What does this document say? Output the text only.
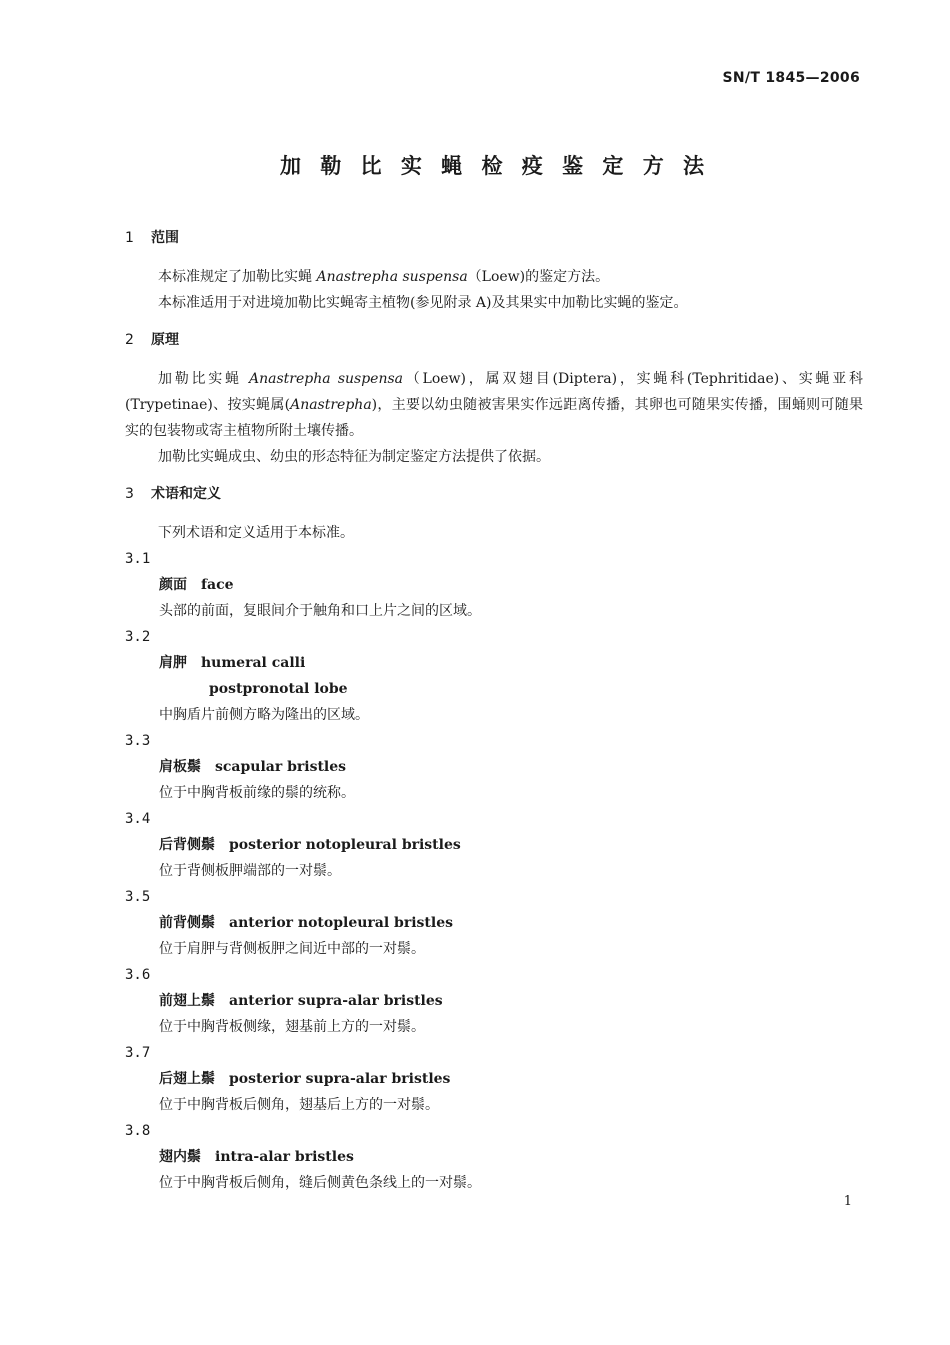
SN/T 1845—2006
加 勒 比 实 蝇 检 疫 鉴 定 方 法
1 范围

本标准规定了加勒比实蝇 Anastrepha suspensa（Loew)的鉴定方法。

本标准适用于对进境加勒比实蝇寄主植物(参见附录 A)及其果实中加勒比实蝇的鉴定。

2 原理

加勒比实蝇 Anastrepha suspensa（Loew)，属双翅目(Diptera)，实蝇科(Tephritidae)、实蝇亚科(Trypetinae)、按实蝇属(Anastrepha)，主要以幼虫随被害果实作远距离传播，其卵也可随果实传播，围蛹则可随果实的包装物或寄主植物所附土壤传播。

加勒比实蝇成虫、幼虫的形态特征为制定鉴定方法提供了依据。

3 术语和定义

下列术语和定义适用于本标准。

3.1
颜面 face
头部的前面，复眼间介于触角和口上片之间的区域。
3.2
肩胛 humeral calli
postpronotal lobe
中胸盾片前侧方略为隆出的区域。
3.3
肩板鬃 scapular bristles
位于中胸背板前缘的鬃的统称。
3.4
后背侧鬃 posterior notopleural bristles
位于背侧板胛端部的一对鬃。
3.5
前背侧鬃 anterior notopleural bristles
位于肩胛与背侧板胛之间近中部的一对鬃。
3.6
前翅上鬃 anterior supra-alar bristles
位于中胸背板侧缘，翅基前上方的一对鬃。
3.7
后翅上鬃 posterior supra-alar bristles
位于中胸背板后侧角，翅基后上方的一对鬃。
3.8
翅内鬃 intra-alar bristles
位于中胸背板后侧角，缝后侧黄色条线上的一对鬃。
1
